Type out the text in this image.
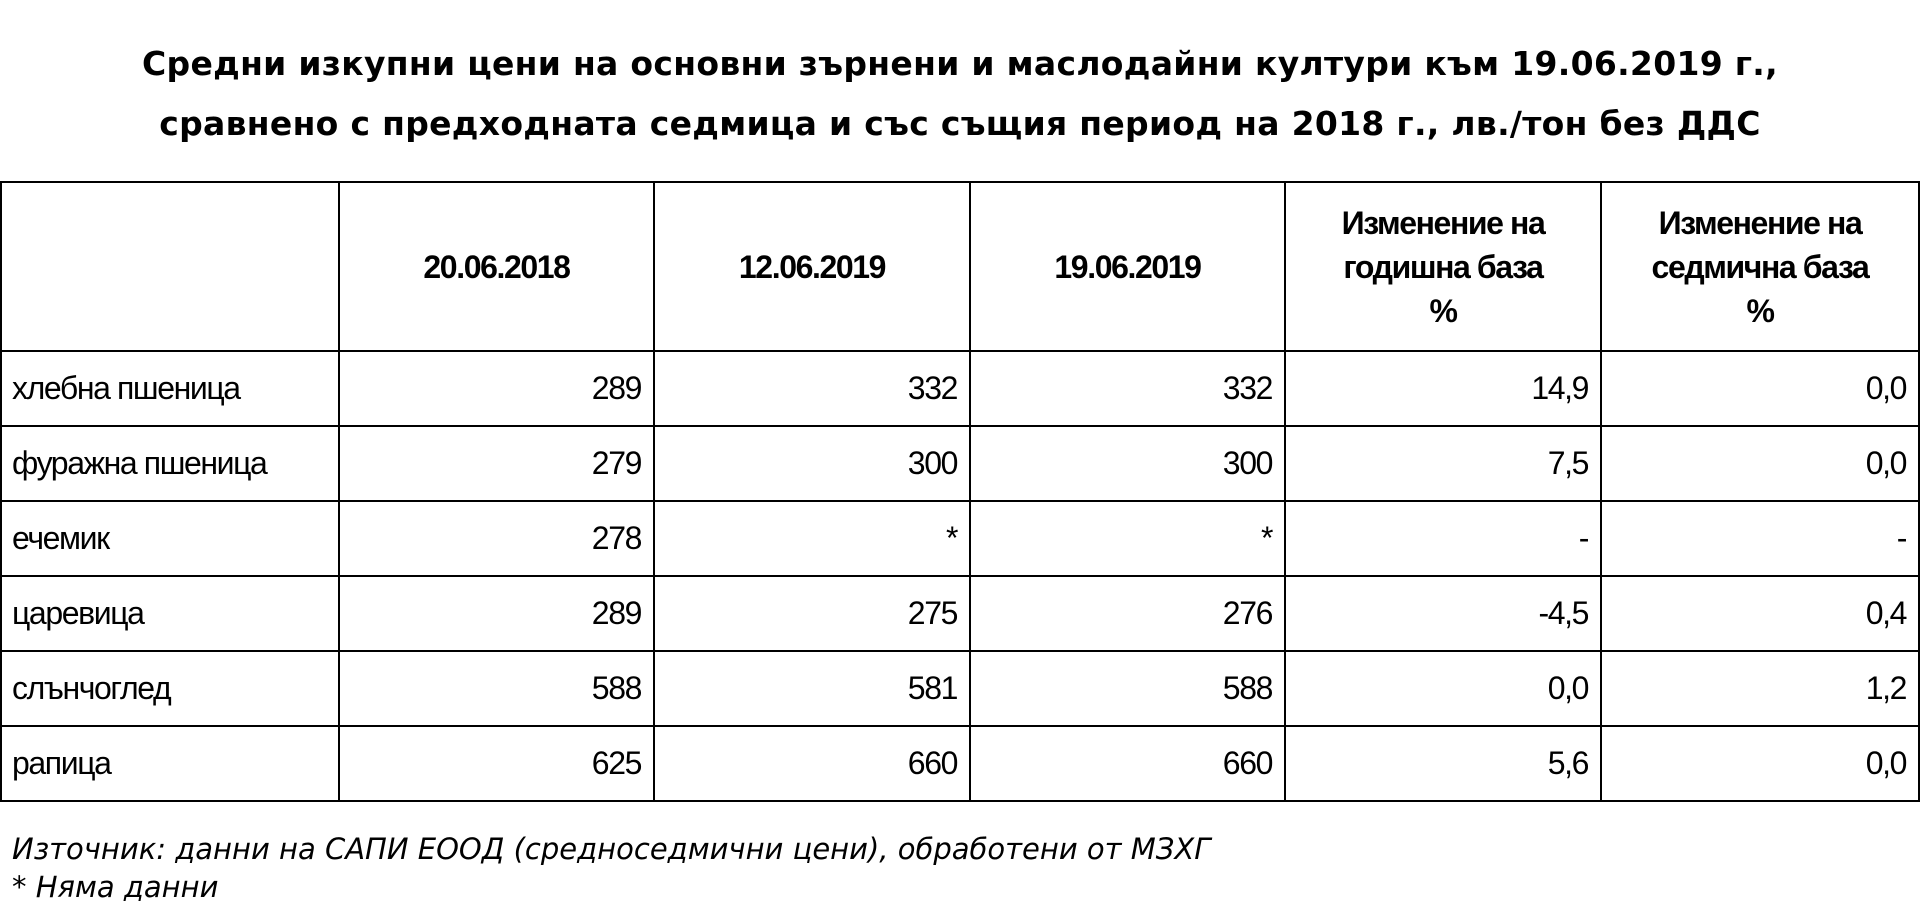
Средни изкупни цени на основни зърнени и маслодайни култури към 19.06.2019 г.,
сравнено с предходната седмица и със същия период на 2018 г., лв./тон без ДДС

	20.06.2018	12.06.2019	19.06.2019	Изменение на
годишна база
%	Изменение на
седмична база
%

хлебна пшеница	289	332	332	14,9	0,0
фуражна пшеница	279	300	300	7,5	0,0
ечемик	278	*	*	-	-
царевица	289	275	276	-4,5	0,4
слънчоглед	588	581	588	0,0	1,2
рапица	625	660	660	5,6	0,0
Източник: данни на САПИ ЕООД (средноседмични цени), обработени от МЗХГ
* Няма данни
